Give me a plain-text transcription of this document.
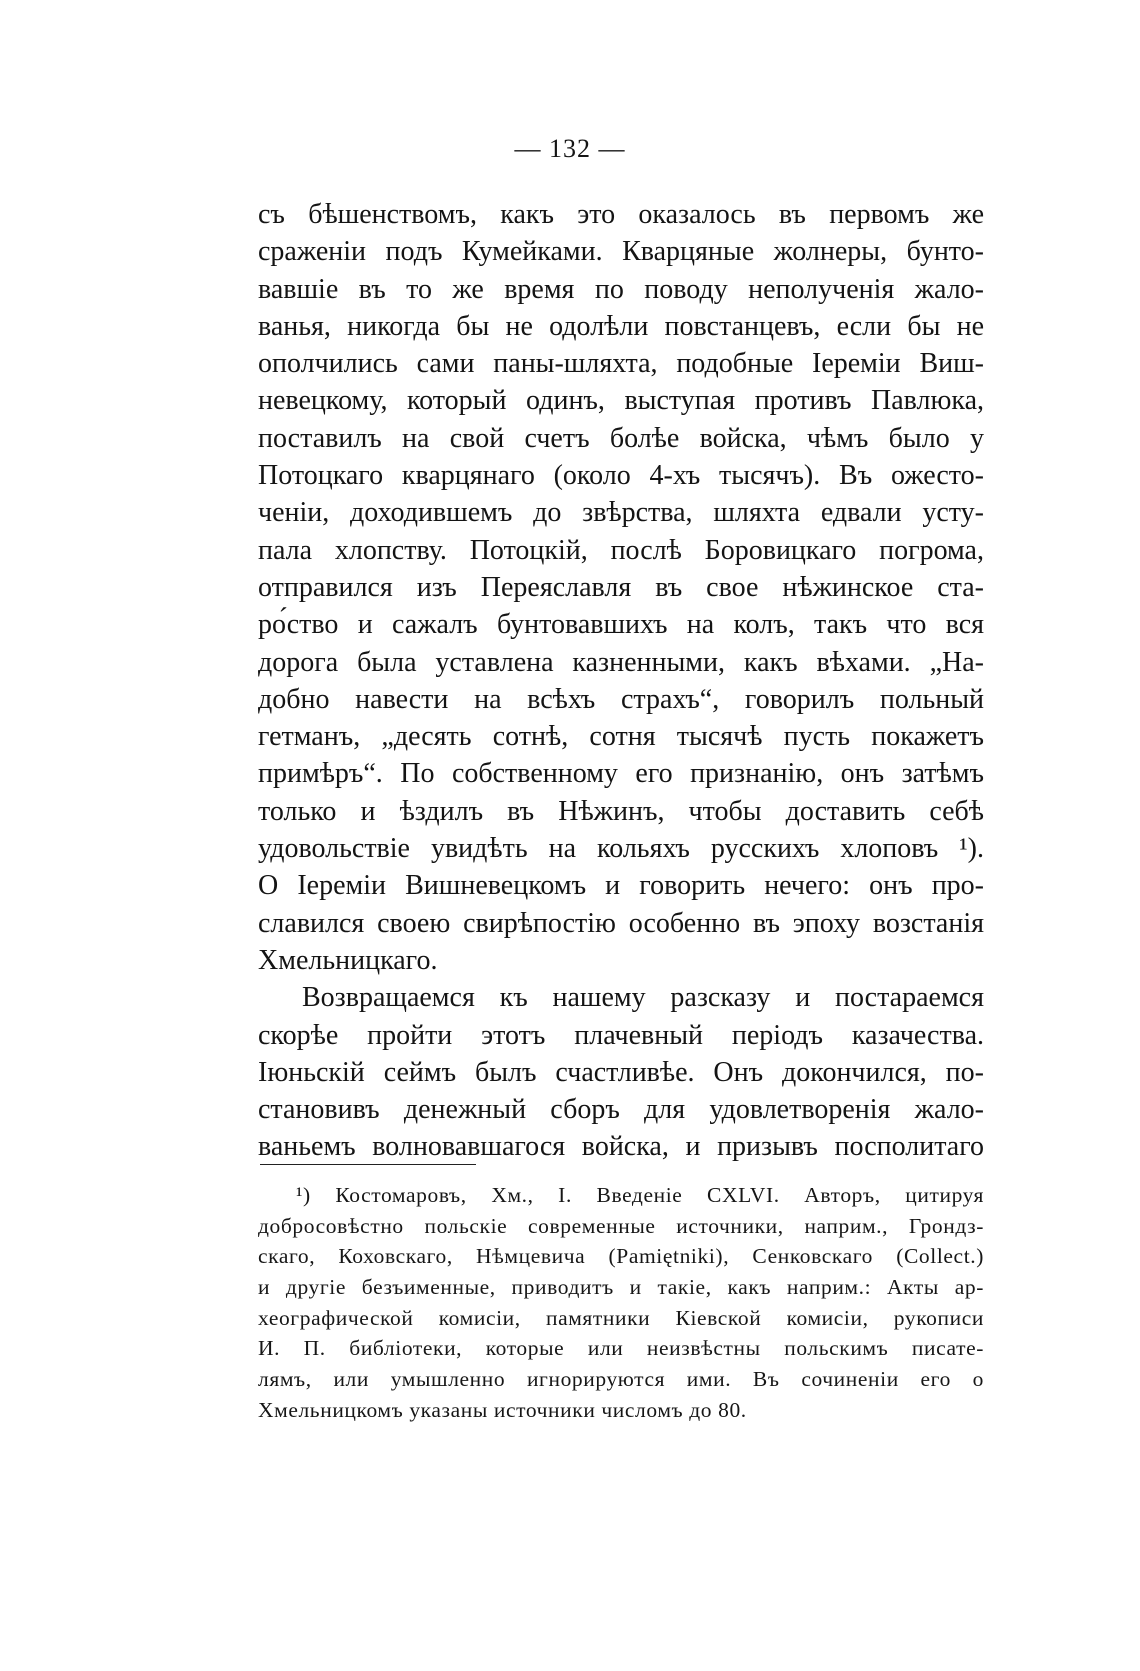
— 132 —
съ бѣшенствомъ, какъ это оказалось въ первомъ же
сраженіи подъ Кумейками. Кварцяные жолнеры, бунто-
вавшіе въ то же время по поводу неполученія жало-
ванья, никогда бы не одолѣли повстанцевъ, если бы не
ополчились сами паны-шляхта, подобные Іереміи Виш-
невецкому, который одинъ, выступая противъ Павлюка,
поставилъ на свой счетъ болѣе войска, чѣмъ было у
Потоцкаго кварцянаго (около 4-хъ тысячъ). Въ ожесто-
ченіи, доходившемъ до звѣрства, шляхта едвали усту-
пала хлопству. Потоцкій, послѣ Боровицкаго погрома,
отправился изъ Переяславля въ свое нѣжинское ста-
ро́ство и сажалъ бунтовавшихъ на колъ, такъ что вся
дорога была уставлена казненными, какъ вѣхами. „На-
добно навести на всѣхъ страхъ“, говорилъ польный
гетманъ, „десять сотнѣ, сотня тысячѣ пусть покажетъ
примѣръ“. По собственному его признанію, онъ затѣмъ
только и ѣздилъ въ Нѣжинъ, чтобы доставить себѣ
удовольствіе увидѣть на кольяхъ русскихъ хлоповъ ¹).
О Іереміи Вишневецкомъ и говорить нечего: онъ про-
славился своею свирѣпостію особенно въ эпоху возстанія
Хмельницкаго.
Возвращаемся къ нашему разсказу и постараемся
скорѣе пройти этотъ плачевный періодъ казачества.
Іюньскій сеймъ былъ счастливѣе. Онъ докончился, по-
становивъ денежный сборъ для удовлетворенія жало-
ваньемъ волновавшагося войска, и призывъ посполитаго
¹) Костомаровъ, Хм., I. Введеніе CXLVI. Авторъ, цитируя
добросовѣстно польскіе современные источники, наприм., Грондз-
скаго, Коховскаго, Нѣмцевича (Pamiętniki), Сенковскаго (Collect.)
и другіе безъименные, приводитъ и такіе, какъ наприм.: Акты ар-
хеографической комисіи, памятники Кіевской комисіи, рукописи
И. П. библіотеки, которые или неизвѣстны польскимъ писате-
лямъ, или умышленно игнорируются ими. Въ сочиненіи его о
Хмельницкомъ указаны источники числомъ до 80.
